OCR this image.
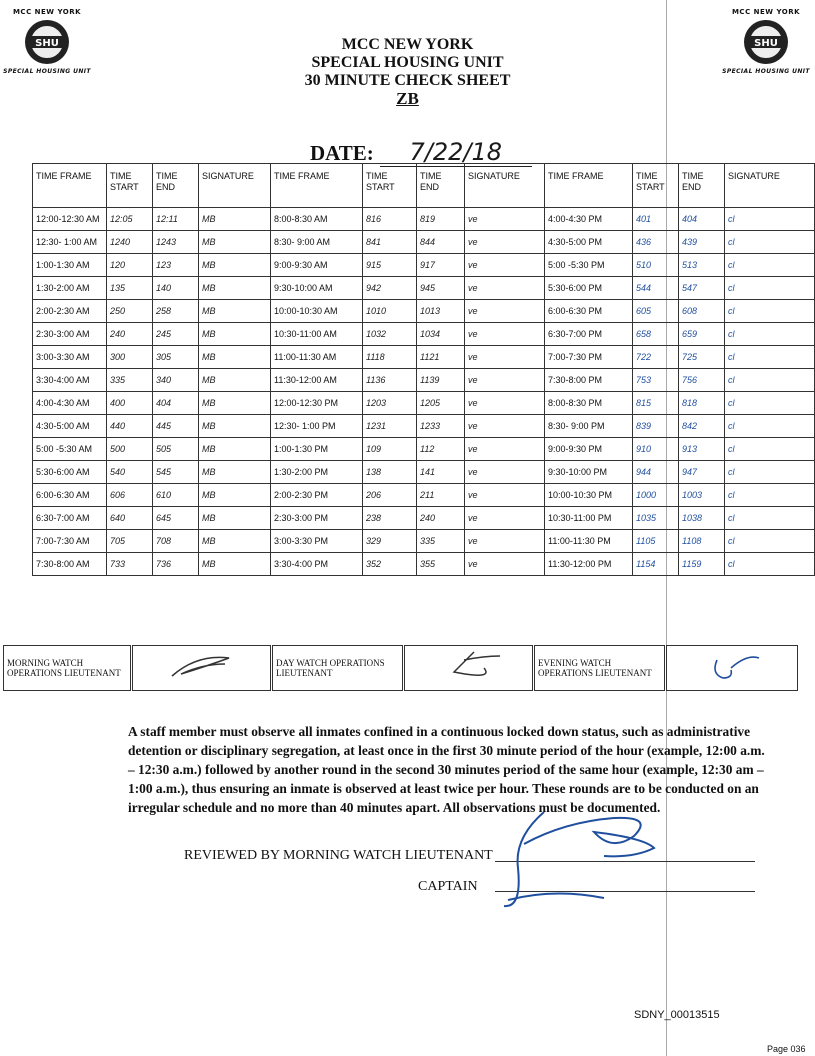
MCC NEW YORK
SHU
SPECIAL HOUSING UNIT
MCC NEW YORK
SHU
SPECIAL HOUSING UNIT
MCC NEW YORK
SPECIAL HOUSING UNIT
30 MINUTE CHECK SHEET
ZB
DATE: 7/22/18
TIME FRAME	TIME START	TIME END	SIGNATURE	TIME FRAME	TIME START	TIME END	SIGNATURE	TIME FRAME	TIME START	TIME END	SIGNATURE
12:00-12:30 AM	12:05	12:11	MB	8:00-8:30 AM	816	819	ve	4:00-4:30 PM	401	404	cl
12:30- 1:00 AM	1240	1243	MB	8:30- 9:00 AM	841	844	ve	4:30-5:00 PM	436	439	cl
1:00-1:30 AM	120	123	MB	9:00-9:30 AM	915	917	ve	5:00 -5:30 PM	510	513	cl
1:30-2:00 AM	135	140	MB	9:30-10:00 AM	942	945	ve	5:30-6:00 PM	544	547	cl
2:00-2:30 AM	250	258	MB	10:00-10:30 AM	1010	1013	ve	6:00-6:30 PM	605	608	cl
2:30-3:00 AM	240	245	MB	10:30-11:00 AM	1032	1034	ve	6:30-7:00 PM	658	659	cl
3:00-3:30 AM	300	305	MB	11:00-11:30 AM	1118	1121	ve	7:00-7:30 PM	722	725	cl
3:30-4:00 AM	335	340	MB	11:30-12:00 AM	1136	1139	ve	7:30-8:00 PM	753	756	cl
4:00-4:30 AM	400	404	MB	12:00-12:30 PM	1203	1205	ve	8:00-8:30 PM	815	818	cl
4:30-5:00 AM	440	445	MB	12:30- 1:00 PM	1231	1233	ve	8:30- 9:00 PM	839	842	cl
5:00 -5:30 AM	500	505	MB	1:00-1:30 PM	109	112	ve	9:00-9:30 PM	910	913	cl
5:30-6:00 AM	540	545	MB	1:30-2:00 PM	138	141	ve	9:30-10:00 PM	944	947	cl
6:00-6:30 AM	606	610	MB	2:00-2:30 PM	206	211	ve	10:00-10:30 PM	1000	1003	cl
6:30-7:00 AM	640	645	MB	2:30-3:00 PM	238	240	ve	10:30-11:00 PM	1035	1038	cl
7:00-7:30 AM	705	708	MB	3:00-3:30 PM	329	335	ve	11:00-11:30 PM	1105	1108	cl
7:30-8:00 AM	733	736	MB	3:30-4:00 PM	352	355	ve	11:30-12:00 PM	1154	1159	cl
MORNING WATCH OPERATIONS LIEUTENANT		DAY WATCH OPERATIONS LIEUTENANT		EVENING WATCH OPERATIONS LIEUTENANT	
A staff member must observe all inmates confined in a continuous locked down status, such as administrative detention or disciplinary segregation, at least once in the first 30 minute period of the hour (example, 12:00 a.m. – 12:30 a.m.) followed by another round in the second 30 minutes period of the same hour (example, 12:30 am – 1:00 a.m.), thus ensuring an inmate is observed at least twice per hour. These rounds are to be conducted on an irregular schedule and no more than 40 minutes apart. All observations must be documented.
REVIEWED BY MORNING WATCH LIEUTENANT
CAPTAIN
SDNY_00013515
Page 036
